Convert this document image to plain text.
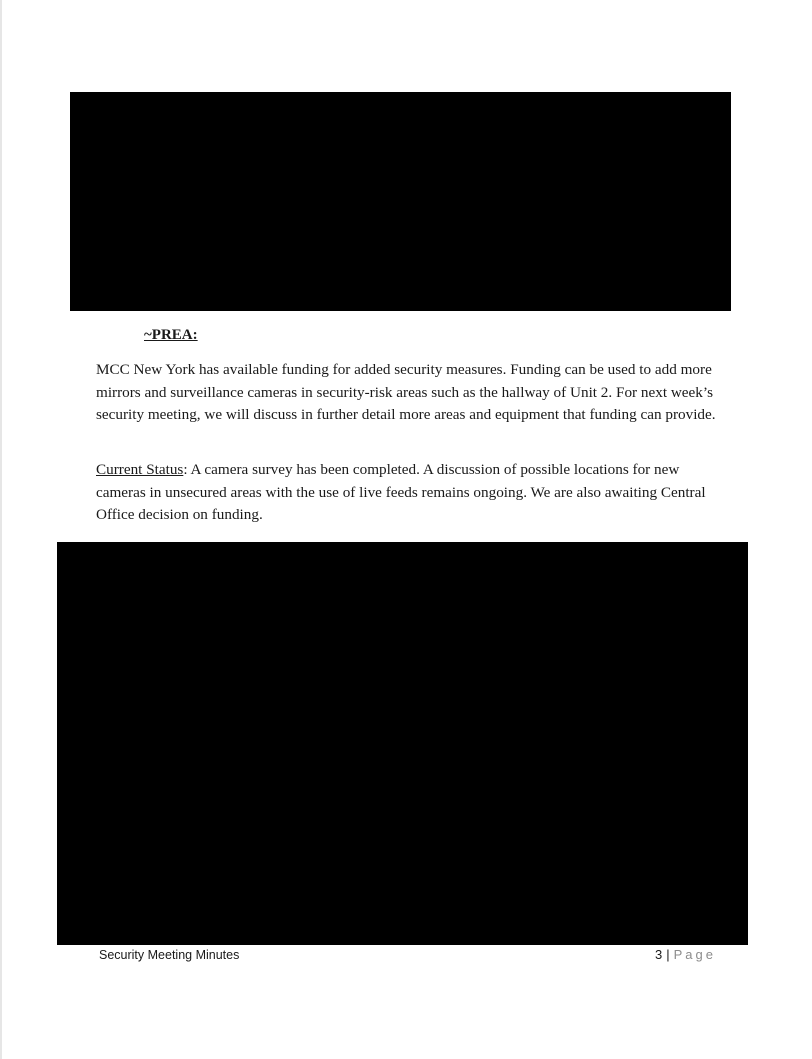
~PREA:

MCC New York has available funding for added security measures. Funding can be used to add more mirrors and surveillance cameras in security-risk areas such as the hallway of Unit 2. For next week’s security meeting, we will discuss in further detail more areas and equipment that funding can provide.

Current Status: A camera survey has been completed. A discussion of possible locations for new cameras in unsecured areas with the use of live feeds remains ongoing. We are also awaiting Central Office decision on funding.

Security Meeting Minutes	3 | Page
